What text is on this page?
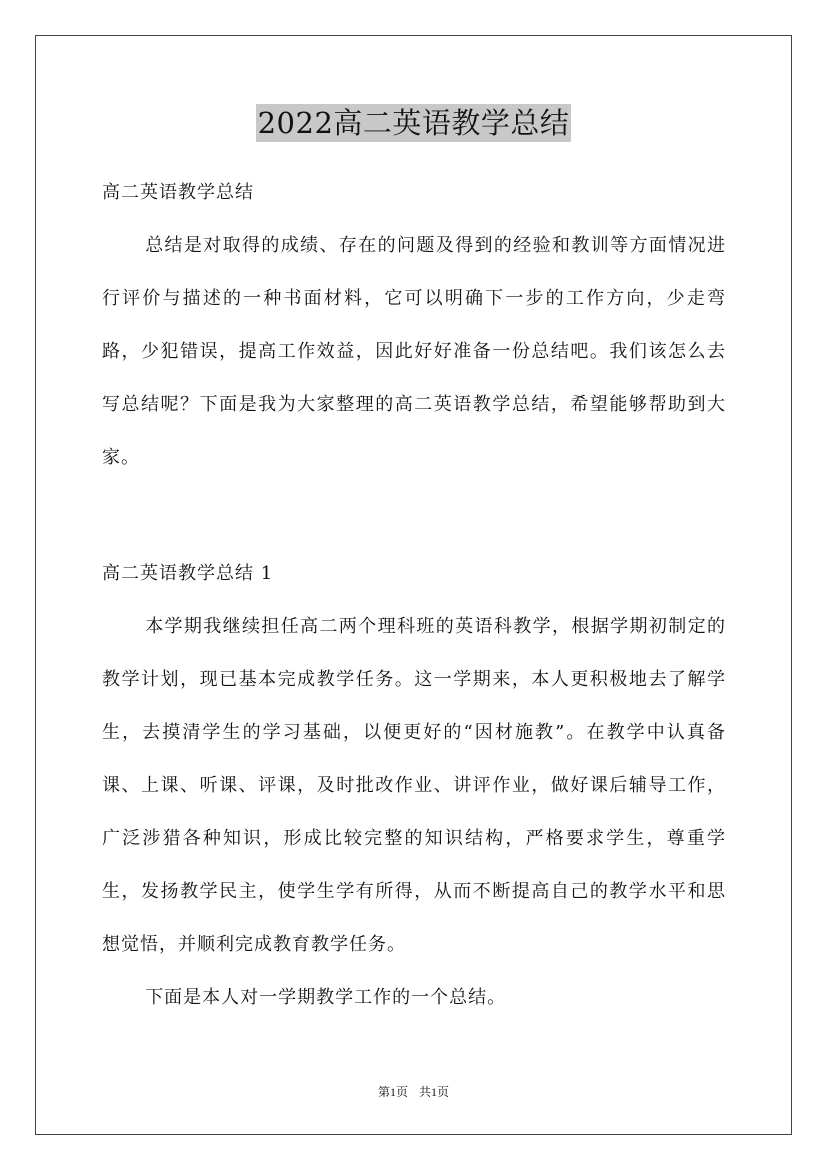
2022高二英语教学总结
高二英语教学总结

总结是对取得的成绩、存在的问题及得到的经验和教训等方面情况进行评价与描述的一种书面材料，它可以明确下一步的工作方向，少走弯路，少犯错误，提高工作效益，因此好好准备一份总结吧。我们该怎么去写总结呢？下面是我为大家整理的高二英语教学总结，希望能够帮助到大家。

高二英语教学总结 1

本学期我继续担任高二两个理科班的英语科教学，根据学期初制定的教学计划，现已基本完成教学任务。这一学期来，本人更积极地去了解学生，去摸清学生的学习基础，以便更好的“因材施教”。在教学中认真备课、上课、听课、评课，及时批改作业、讲评作业，做好课后辅导工作，广泛涉猎各种知识，形成比较完整的知识结构，严格要求学生，尊重学生，发扬教学民主，使学生学有所得，从而不断提高自己的教学水平和思想觉悟，并顺利完成教育教学任务。

下面是本人对一学期教学工作的一个总结。

第1页 共1页
